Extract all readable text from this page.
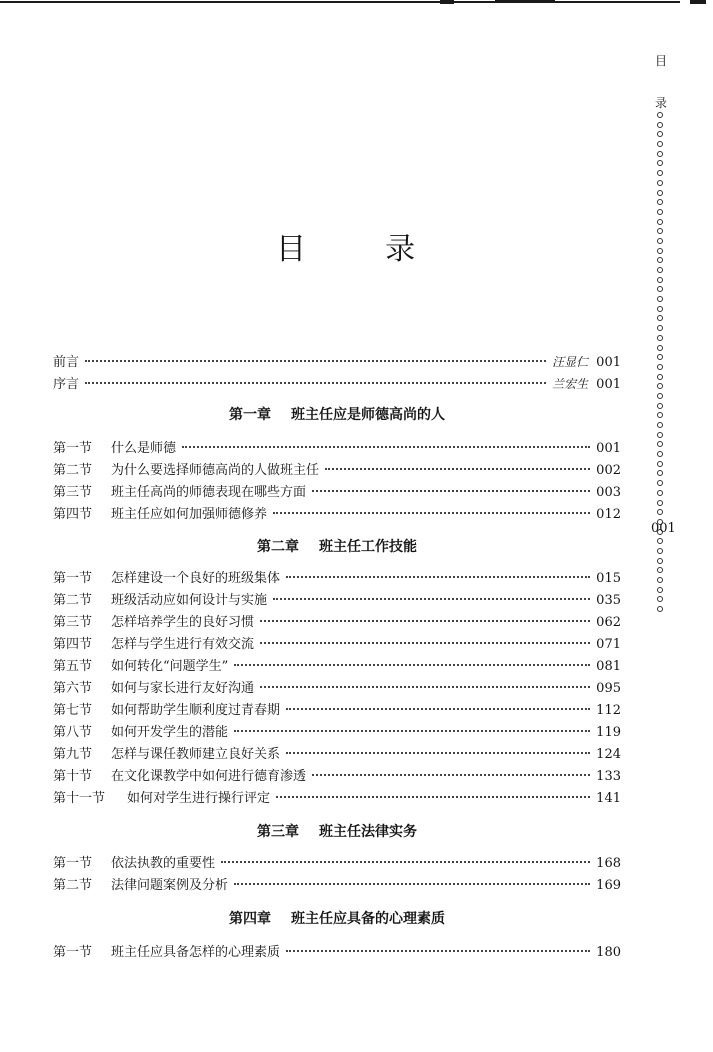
目
录
001
目	录
前言	汪显仁 001
序言	兰宏生 001
第一章 班主任应是师德高尚的人
第一节	什么是师德	001
第二节	为什么要选择师德高尚的人做班主任	002
第三节	班主任高尚的师德表现在哪些方面	003
第四节	班主任应如何加强师德修养	012
第二章 班主任工作技能
第一节	怎样建设一个良好的班级集体	015
第二节	班级活动应如何设计与实施	035
第三节	怎样培养学生的良好习惯	062
第四节	怎样与学生进行有效交流	071
第五节	如何转化“问题学生”	081
第六节	如何与家长进行友好沟通	095
第七节	如何帮助学生顺利度过青春期	112
第八节	如何开发学生的潜能	119
第九节	怎样与课任教师建立良好关系	124
第十节	在文化课教学中如何进行德育渗透	133
第十一节	如何对学生进行操行评定	141
第三章 班主任法律实务
第一节	依法执教的重要性	168
第二节	法律问题案例及分析	169
第四章 班主任应具备的心理素质
第一节	班主任应具备怎样的心理素质	180
